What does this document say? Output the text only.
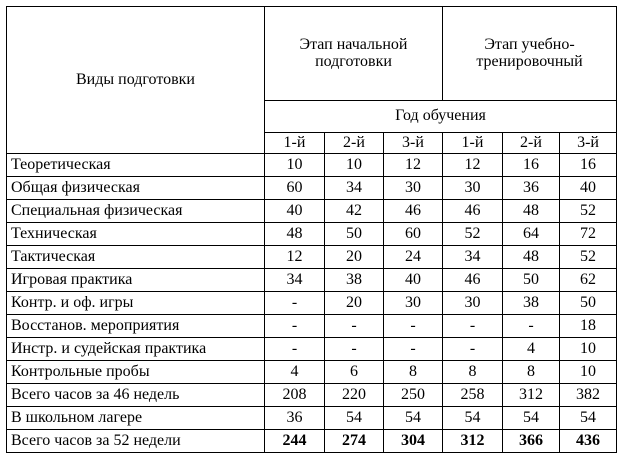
Виды подготовки	Этап начальной подготовки			Этап учебно-тренировочный		
	Год обучения					
	1-й	2-й	3-й	1-й	2-й	3-й
Теоретическая	10	10	12	12	16	16
Общая физическая	60	34	30	30	36	40
Специальная физическая	40	42	46	46	48	52
Техническая	48	50	60	52	64	72
Тактическая	12	20	24	34	48	52
Игровая практика	34	38	40	46	50	62
Контр. и оф. игры	-	20	30	30	38	50
Восстанов. мероприятия	-	-	-	-	-	18
Инстр. и судейская практика	-	-	-	-	4	10
Контрольные пробы	4	6	8	8	8	10
Всего часов за 46 недель	208	220	250	258	312	382
В школьном лагере	36	54	54	54	54	54
Всего часов за 52 недели	244	274	304	312	366	436
